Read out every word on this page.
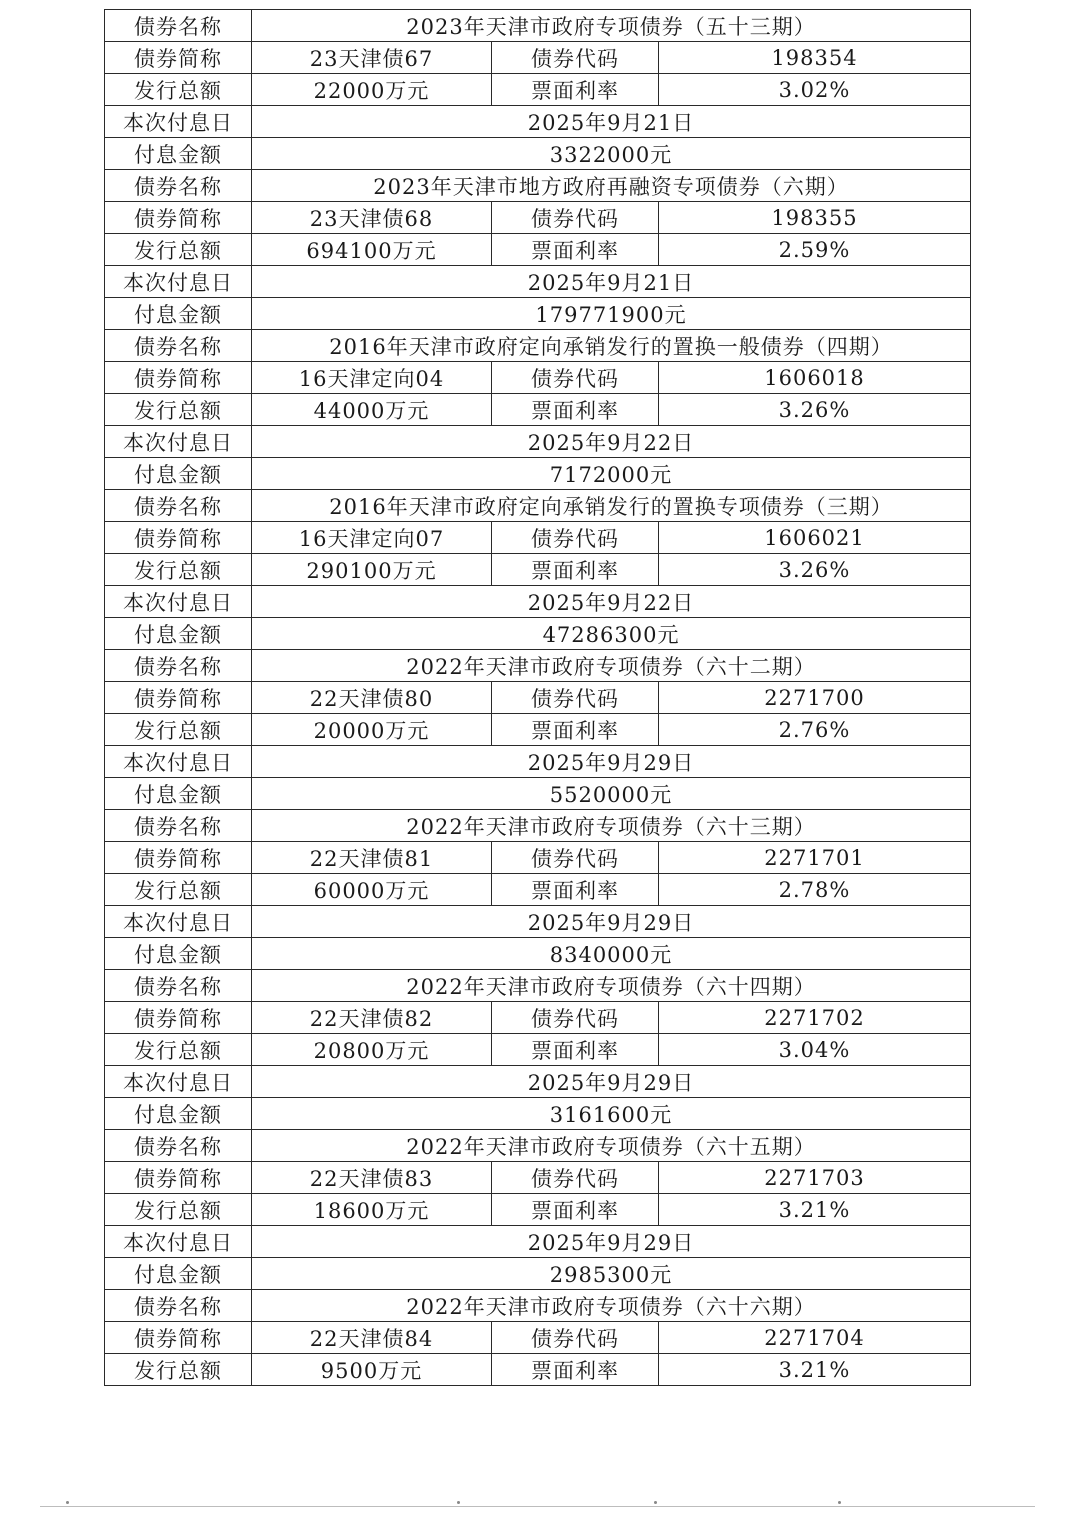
债券名称	2023年天津市政府专项债券（五十三期）		
债券简称	23天津债67	债券代码	198354
发行总额	22000万元	票面利率	3.02%
本次付息日	2025年9月21日		
付息金额	3322000元		
债券名称	2023年天津市地方政府再融资专项债券（六期）		
债券简称	23天津债68	债券代码	198355
发行总额	694100万元	票面利率	2.59%
本次付息日	2025年9月21日		
付息金额	179771900元		
债券名称	2016年天津市政府定向承销发行的置换一般债券（四期）		
债券简称	16天津定向04	债券代码	1606018
发行总额	44000万元	票面利率	3.26%
本次付息日	2025年9月22日		
付息金额	7172000元		
债券名称	2016年天津市政府定向承销发行的置换专项债券（三期）		
债券简称	16天津定向07	债券代码	1606021
发行总额	290100万元	票面利率	3.26%
本次付息日	2025年9月22日		
付息金额	47286300元		
债券名称	2022年天津市政府专项债券（六十二期）		
债券简称	22天津债80	债券代码	2271700
发行总额	20000万元	票面利率	2.76%
本次付息日	2025年9月29日		
付息金额	5520000元		
债券名称	2022年天津市政府专项债券（六十三期）		
债券简称	22天津债81	债券代码	2271701
发行总额	60000万元	票面利率	2.78%
本次付息日	2025年9月29日		
付息金额	8340000元		
债券名称	2022年天津市政府专项债券（六十四期）		
债券简称	22天津债82	债券代码	2271702
发行总额	20800万元	票面利率	3.04%
本次付息日	2025年9月29日		
付息金额	3161600元		
债券名称	2022年天津市政府专项债券（六十五期）		
债券简称	22天津债83	债券代码	2271703
发行总额	18600万元	票面利率	3.21%
本次付息日	2025年9月29日		
付息金额	2985300元		
债券名称	2022年天津市政府专项债券（六十六期）		
债券简称	22天津债84	债券代码	2271704
发行总额	9500万元	票面利率	3.21%
